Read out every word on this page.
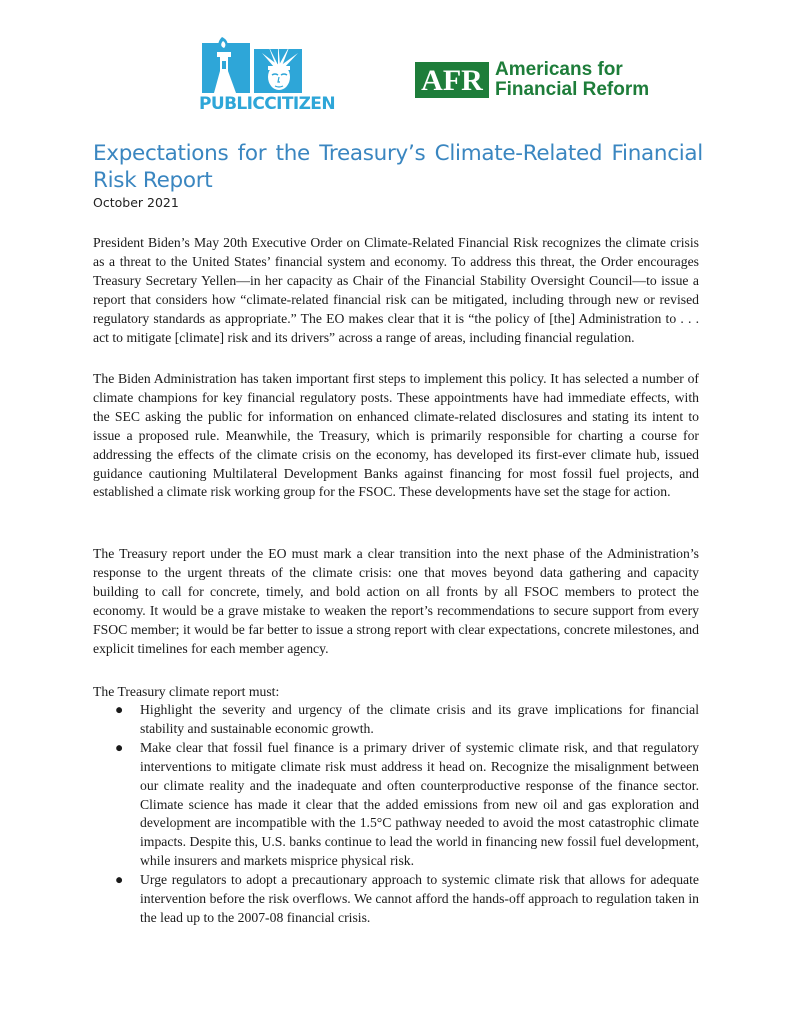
PUBLICCITIZEN
AFR Americans for
Financial Reform
Expectations for the Treasury’s Climate-Related Financial Risk Report
October 2021

President Biden’s May 20th Executive Order on Climate-Related Financial Risk recognizes the climate crisis as a threat to the United States’ financial system and economy. To address this threat, the Order encourages Treasury Secretary Yellen—in her capacity as Chair of the Financial Stability Oversight Council—to issue a report that considers how “climate-related financial risk can be mitigated, including through new or revised regulatory standards as appropriate.” The EO makes clear that it is “the policy of [the] Administration to . . . act to mitigate [climate] risk and its drivers” across a range of areas, including financial regulation.

The Biden Administration has taken important first steps to implement this policy. It has selected a number of climate champions for key financial regulatory posts. These appointments have had immediate effects, with the SEC asking the public for information on enhanced climate-related disclosures and stating its intent to issue a proposed rule. Meanwhile, the Treasury, which is primarily responsible for charting a course for addressing the effects of the climate crisis on the economy, has developed its first-ever climate hub, issued guidance cautioning Multilateral Development Banks against financing for most fossil fuel projects, and established a climate risk working group for the FSOC. These developments have set the stage for action.

The Treasury report under the EO must mark a clear transition into the next phase of the Administration’s response to the urgent threats of the climate crisis: one that moves beyond data gathering and capacity building to call for concrete, timely, and bold action on all fronts by all FSOC members to protect the economy. It would be a grave mistake to weaken the report’s recommendations to secure support from every FSOC member; it would be far better to issue a strong report with clear expectations, concrete milestones, and explicit timelines for each member agency.

The Treasury climate report must:

● Highlight the severity and urgency of the climate crisis and its grave implications for financial stability and sustainable economic growth.
● Make clear that fossil fuel finance is a primary driver of systemic climate risk, and that regulatory interventions to mitigate climate risk must address it head on. Recognize the misalignment between our climate reality and the inadequate and often counterproductive response of the finance sector. Climate science has made it clear that the added emissions from new oil and gas exploration and development are incompatible with the 1.5°C pathway needed to avoid the most catastrophic climate impacts. Despite this, U.S. banks continue to lead the world in financing new fossil fuel development, while insurers and markets misprice physical risk.
● Urge regulators to adopt a precautionary approach to systemic climate risk that allows for adequate intervention before the risk overflows. We cannot afford the hands-off approach to regulation taken in the lead up to the 2007-08 financial crisis.
